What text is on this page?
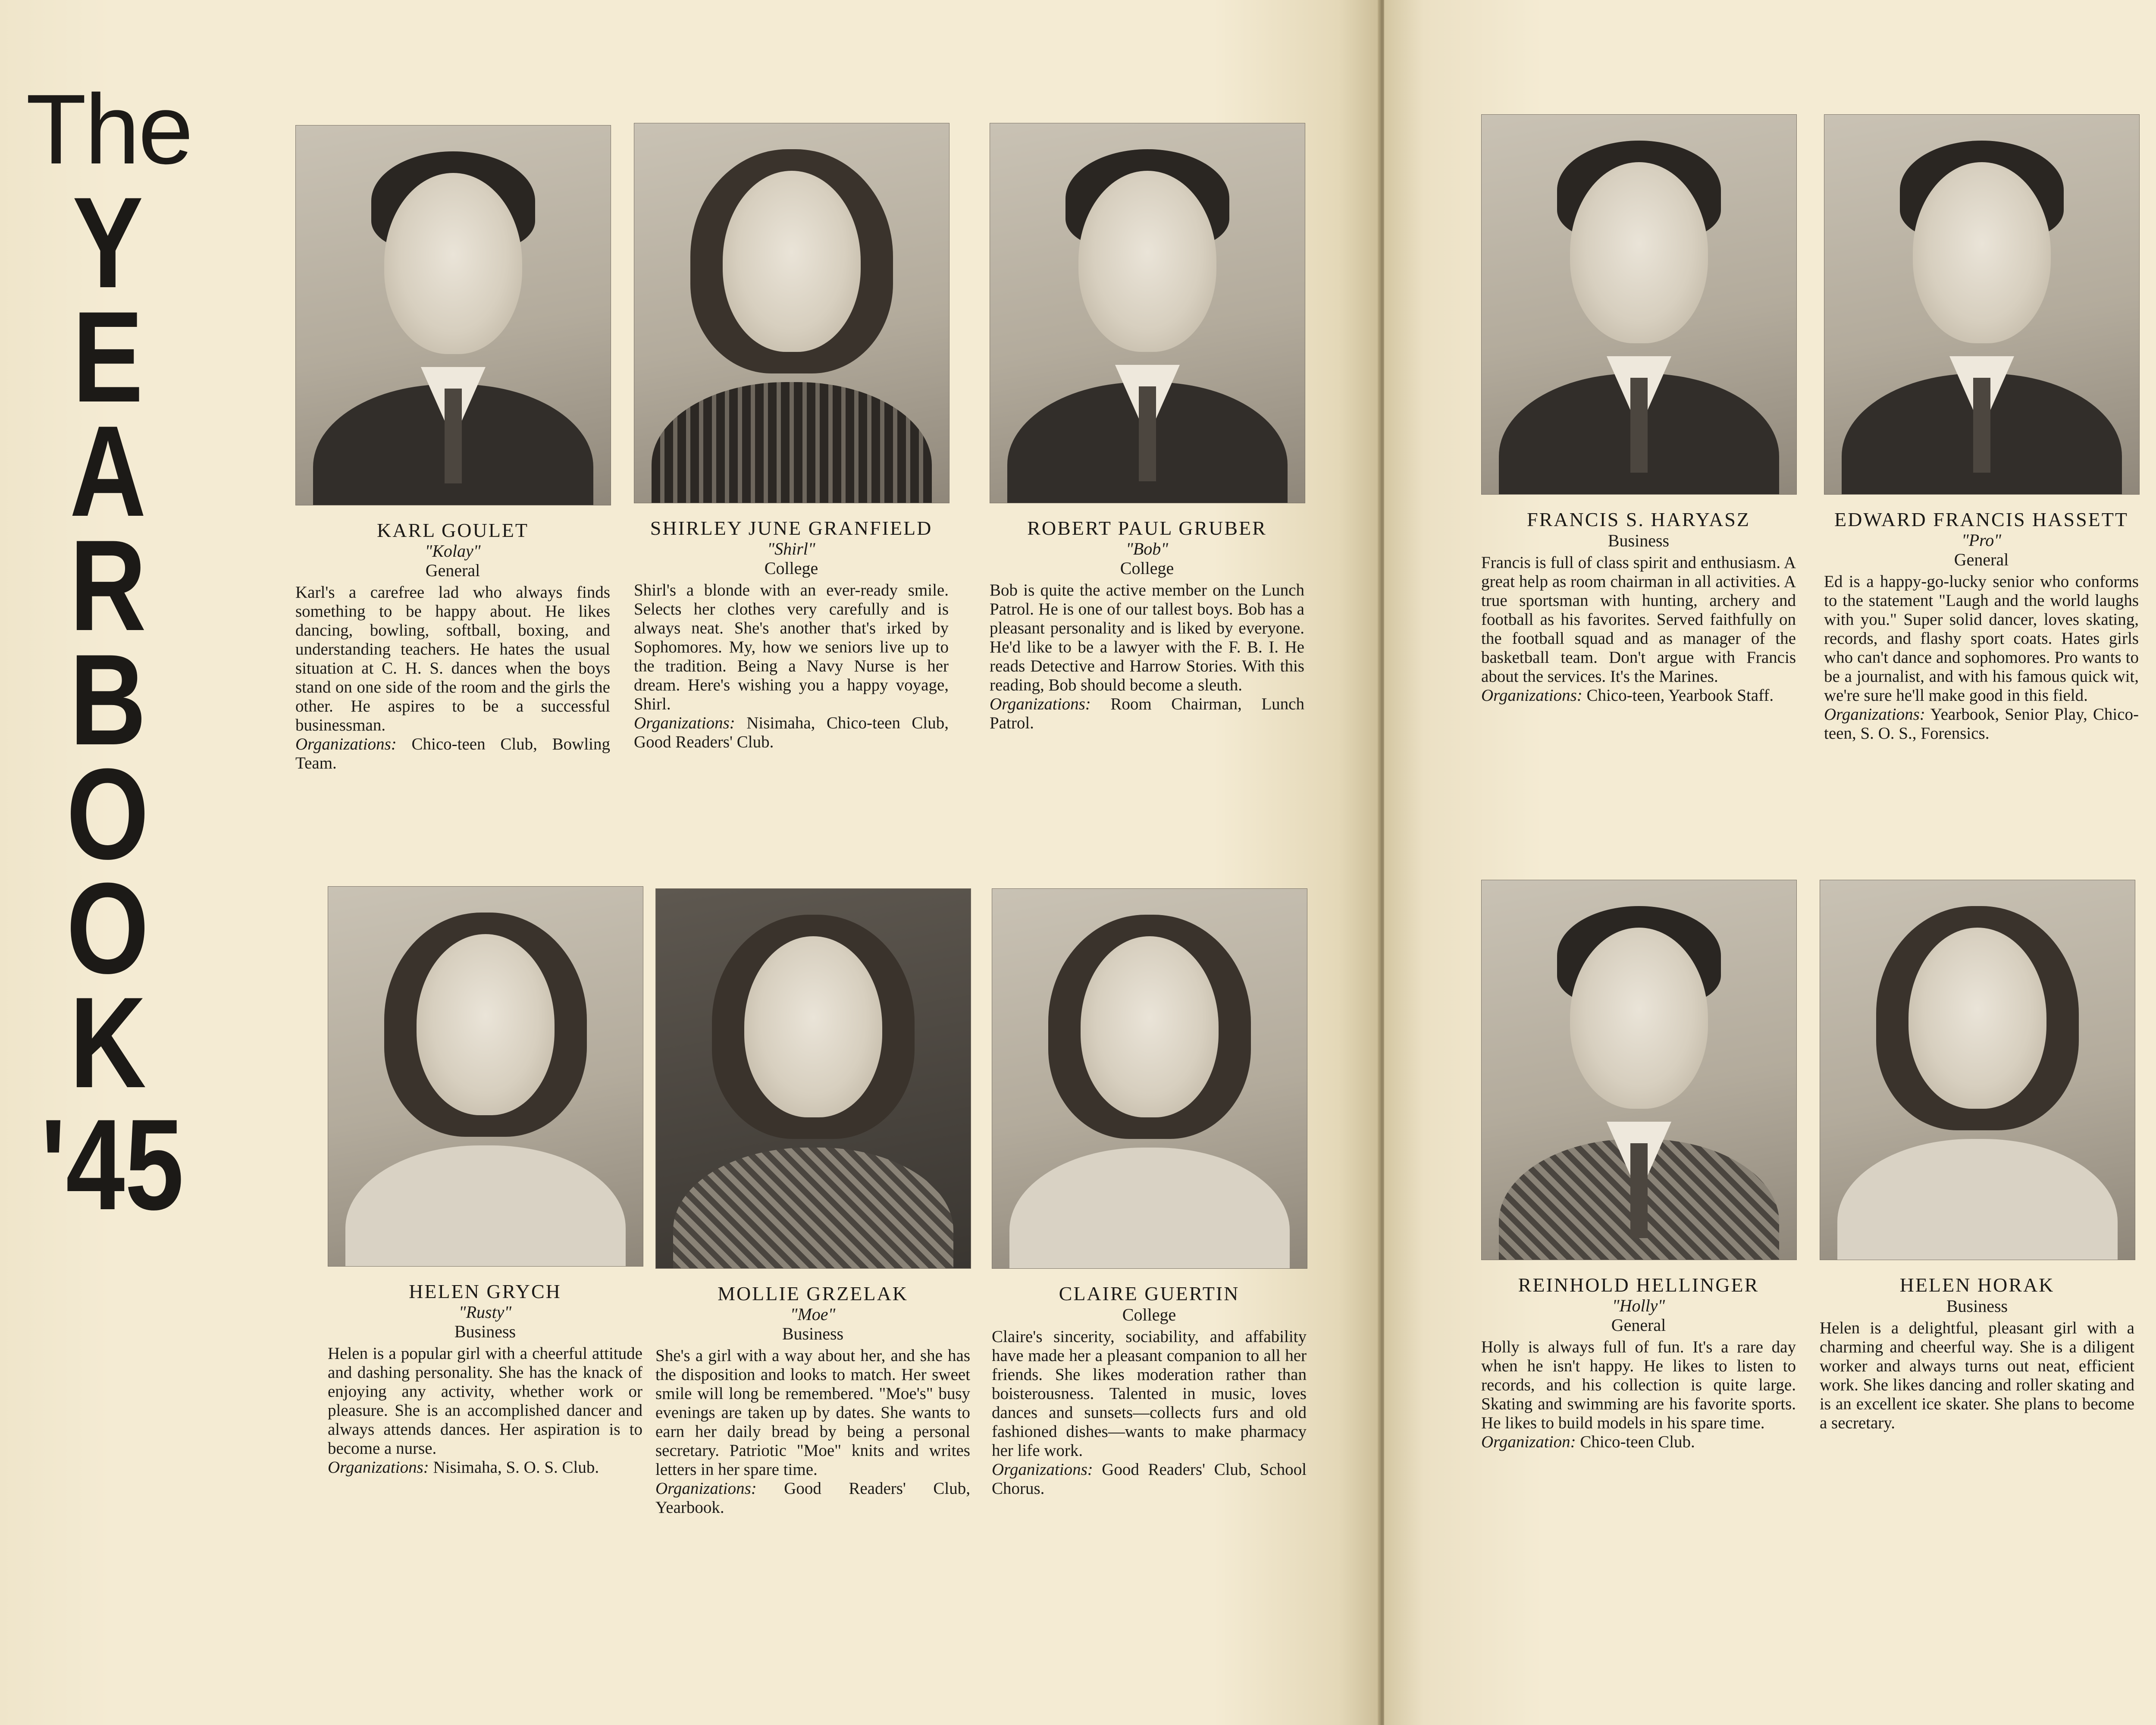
The
Y
E
A
R
B
O
O
K
'45
KARL GOULET
"Kolay"
General
Karl's a carefree lad who always finds something to be happy about. He likes dancing, bowling, softball, boxing, and understanding teachers. He hates the usual situation at C. H. S. dances when the boys stand on one side of the room and the girls the other. He aspires to be a successful businessman.
Organizations: Chico-teen Club, Bowling Team.
SHIRLEY JUNE GRANFIELD
"Shirl"
College
Shirl's a blonde with an ever-ready smile. Selects her clothes very carefully and is always neat. She's another that's irked by Sophomores. My, how we seniors live up to the tradition. Being a Navy Nurse is her dream. Here's wishing you a happy voyage, Shirl.
Organizations: Nisimaha, Chico-teen Club, Good Readers' Club.
ROBERT PAUL GRUBER
"Bob"
College
Bob is quite the active member on the Lunch Patrol. He is one of our tallest boys. Bob has a pleasant personality and is liked by everyone. He'd like to be a lawyer with the F. B. I. He reads Detective and Harrow Stories. With this reading, Bob should become a sleuth.
Organizations: Room Chairman, Lunch Patrol.
HELEN GRYCH
"Rusty"
Business
Helen is a popular girl with a cheerful attitude and dashing personality. She has the knack of enjoying any activity, whether work or pleasure. She is an accomplished dancer and always attends dances. Her aspiration is to become a nurse.
Organizations: Nisimaha, S. O. S. Club.
MOLLIE GRZELAK
"Moe"
Business
She's a girl with a way about her, and she has the disposition and looks to match. Her sweet smile will long be remembered. "Moe's" busy evenings are taken up by dates. She wants to earn her daily bread by being a personal secretary. Patriotic "Moe" knits and writes letters in her spare time.
Organizations: Good Readers' Club, Yearbook.
CLAIRE GUERTIN
College
Claire's sincerity, sociability, and affability have made her a pleasant companion to all her friends. She likes moderation rather than boisterousness. Talented in music, loves dances and sunsets—collects furs and old fashioned dishes—wants to make pharmacy her life work.
Organizations: Good Readers' Club, School Chorus.
FRANCIS S. HARYASZ
Business
Francis is full of class spirit and enthusiasm. A great help as room chairman in all activities. A true sportsman with hunting, archery and football as his favorites. Served faithfully on the football squad and as manager of the basketball team. Don't argue with Francis about the services. It's the Marines.
Organizations: Chico-teen, Yearbook Staff.
EDWARD FRANCIS HASSETT
"Pro"
General
Ed is a happy-go-lucky senior who conforms to the statement "Laugh and the world laughs with you." Super solid dancer, loves skating, records, and flashy sport coats. Hates girls who can't dance and sophomores. Pro wants to be a journalist, and with his famous quick wit, we're sure he'll make good in this field.
Organizations: Yearbook, Senior Play, Chico-teen, S. O. S., Forensics.
REINHOLD HELLINGER
"Holly"
General
Holly is always full of fun. It's a rare day when he isn't happy. He likes to listen to records, and his collection is quite large. Skating and swimming are his favorite sports. He likes to build models in his spare time.
Organization: Chico-teen Club.
HELEN HORAK
Business
Helen is a delightful, pleasant girl with a charming and cheerful way. She is a diligent worker and always turns out neat, efficient work. She likes dancing and roller skating and is an excellent ice skater. She plans to become a secretary.
